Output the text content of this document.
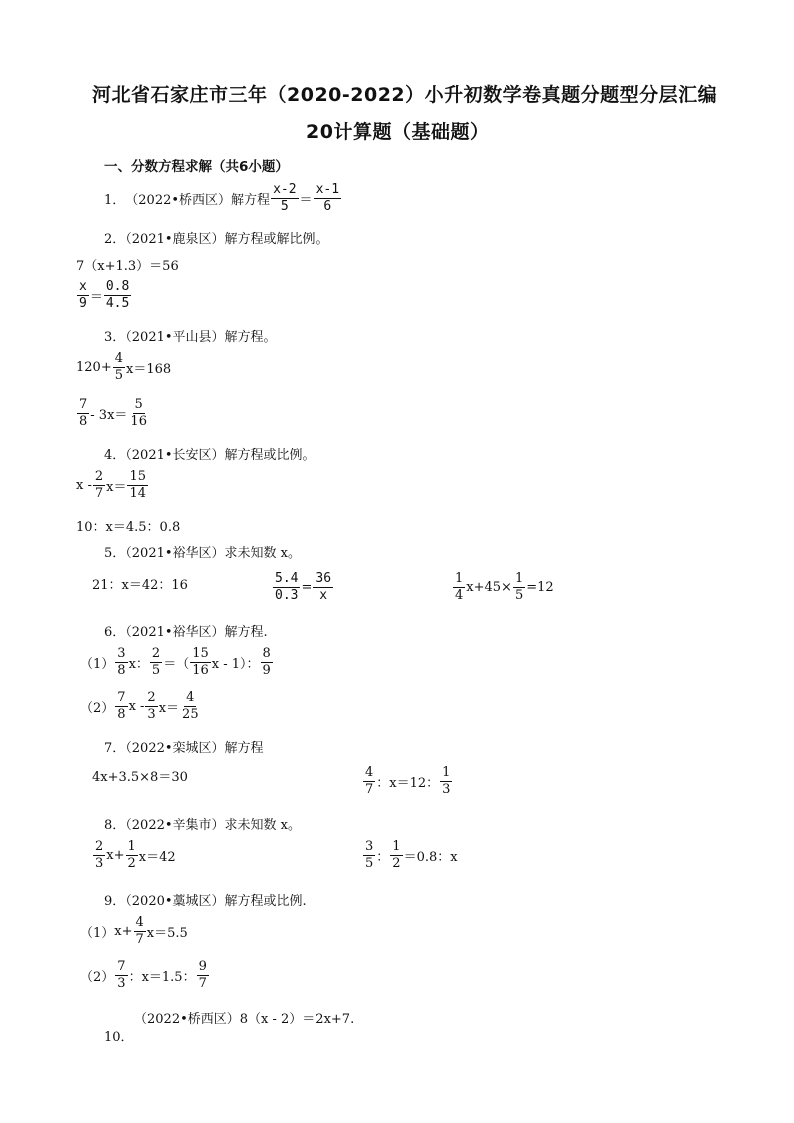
河北省石家庄市三年（2020-2022）小升初数学卷真题分题型分层汇编
20计算题（基础题）
一、分数方程求解（共6小题）
1． （2022•桥西区） 解方程 $\frac{x-2}{5} = \frac{x-1}{6}$
2．（2021•鹿泉区）解方程或解比例。
7（x+1.3）＝56
$\frac{x}{9} = \frac{0.8}{4.5}$
3．（2021•平山县）解方程。
$120+ \frac{4}{5} x=168$
$\frac{7}{8} - 3x= \frac{5}{16}$
4．（2021•长安区）解方程或比例。
$x - \frac{2}{7} x= \frac{15}{14}$
10：x＝4.5：0.8
5．（2021•裕华区）求未知数 x。
21：x＝42：16	$\frac{5.4}{0.3} = \frac{36}{x}$	$\frac{1}{4} x+45\times \frac{1}{5} =12$
6．（2021•裕华区）解方程.
$(1) \frac{3}{8}$ x： $\frac{2}{5}$ ＝（ $\frac{15}{16}$ x - 1）： $\frac{8}{9}$
$(2) \frac{7}{8}$ $x - \frac{2}{3} x= \frac{4}{25}$
7．（2022•栾城区）解方程
4x+3.5×8＝30	$\frac{4}{7}$ ：x＝12： $\frac{1}{3}$
8．（2022•辛集市）求未知数 x。
$\frac{2}{3} x+ \frac{1}{2} x=42$	$\frac{3}{5}$ ： $\frac{1}{2} =0.8$：x
9．（2020•藁城区）解方程或比例.
（1） $x+ \frac{4}{7} x=5.5$
$(2) \frac{7}{3}$ ：x＝1.5： $\frac{9}{7}$
10．
（2022•桥西区）8（x - 2）＝2x+7.
